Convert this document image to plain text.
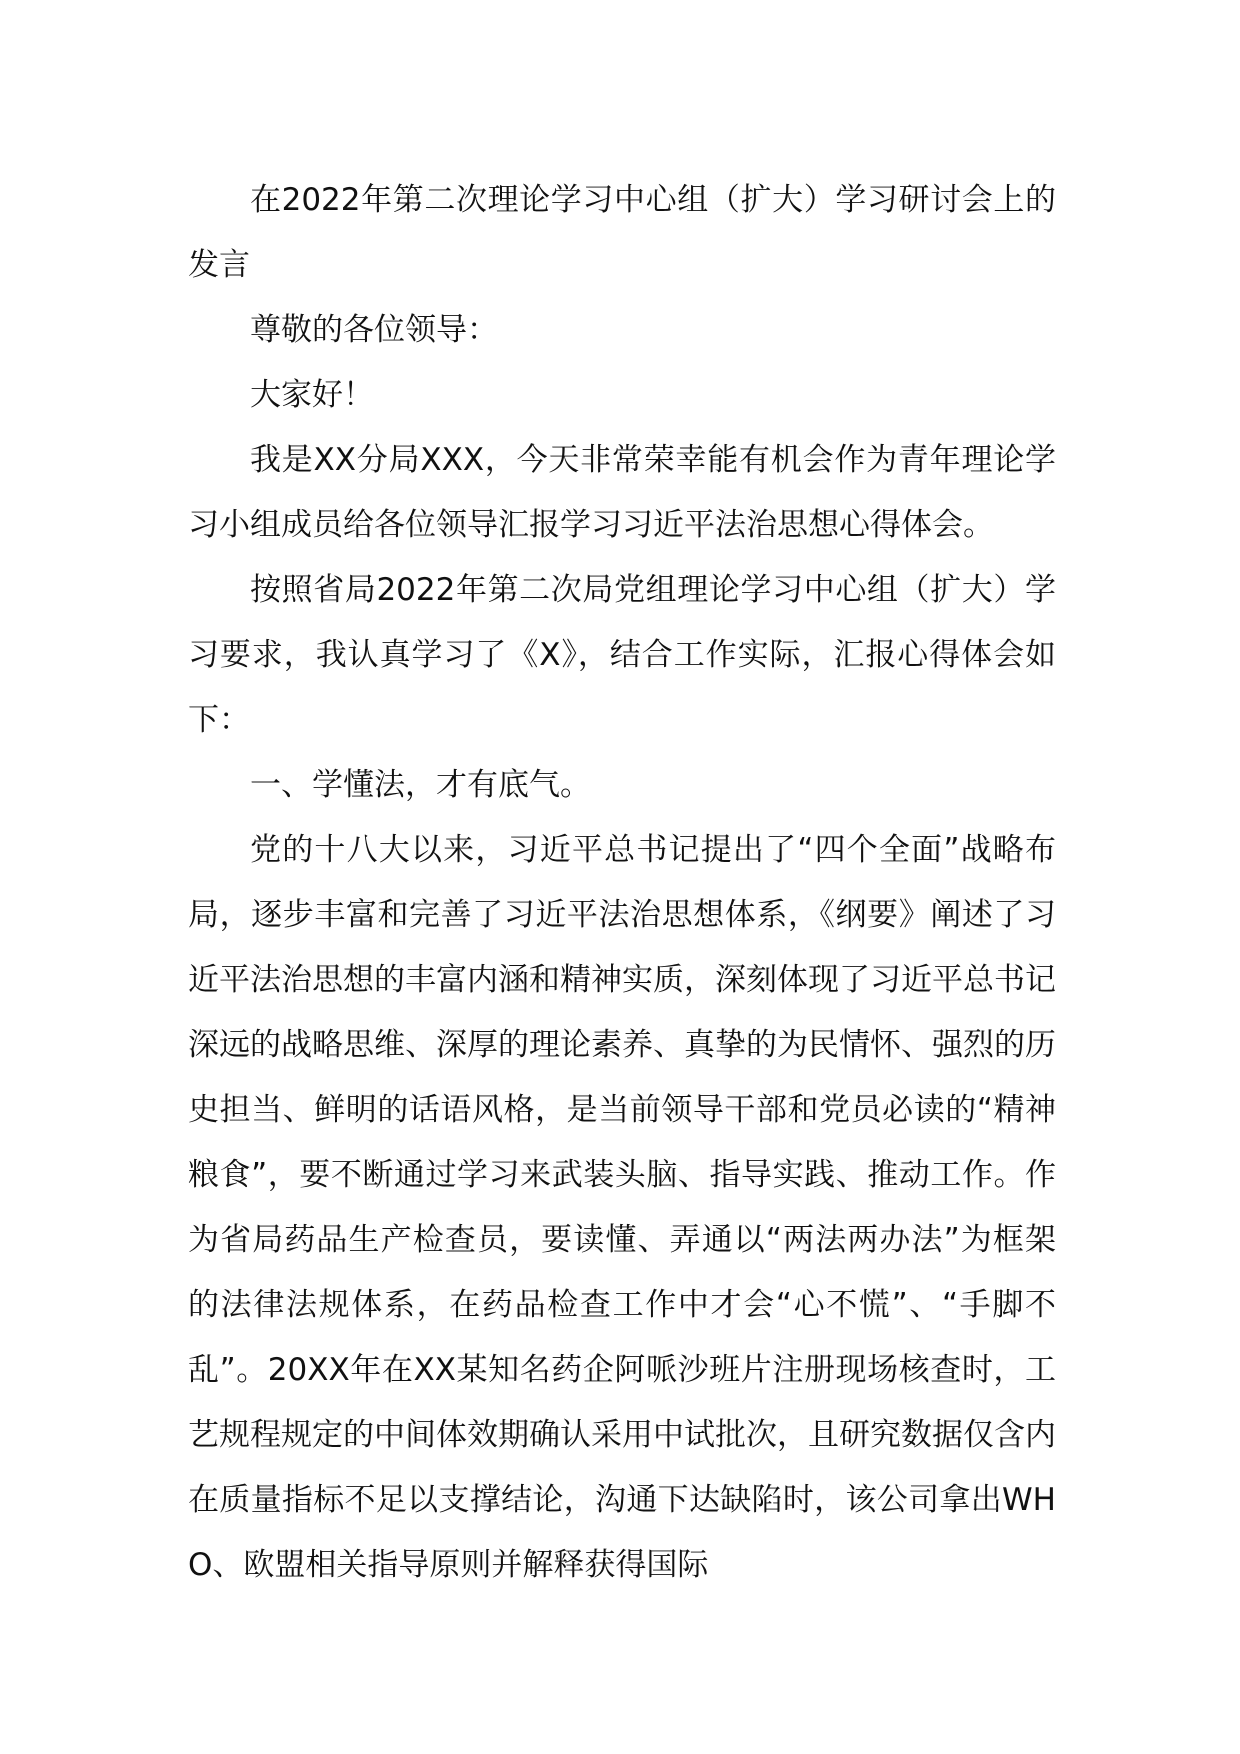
在2022年第二次理论学习中心组（扩大）学习研讨会上的发言

尊敬的各位领导：

大家好！

我是XX分局XXX，今天非常荣幸能有机会作为青年理论学习小组成员给各位领导汇报学习习近平法治思想心得体会。

按照省局2022年第二次局党组理论学习中心组（扩大）学习要求，我认真学习了《X》，结合工作实际，汇报心得体会如下：

一、学懂法，才有底气。

党的十八大以来，习近平总书记提出了“四个全面”战略布局，逐步丰富和完善了习近平法治思想体系，《纲要》阐述了习近平法治思想的丰富内涵和精神实质，深刻体现了习近平总书记深远的战略思维、深厚的理论素养、真挚的为民情怀、强烈的历史担当、鲜明的话语风格，是当前领导干部和党员必读的“精神粮食”，要不断通过学习来武装头脑、指导实践、推动工作。作为省局药品生产检查员，要读懂、弄通以“两法两办法”为框架的法律法规体系，在药品检查工作中才会“心不慌”、“手脚不乱”。20XX年在XX某知名药企阿哌沙班片注册现场核查时，工艺规程规定的中间体效期确认采用中试批次，且研究数据仅含内在质量指标不足以支撑结论，沟通下达缺陷时，该公司拿出WHO、欧盟相关指导原则并解释获得国际
